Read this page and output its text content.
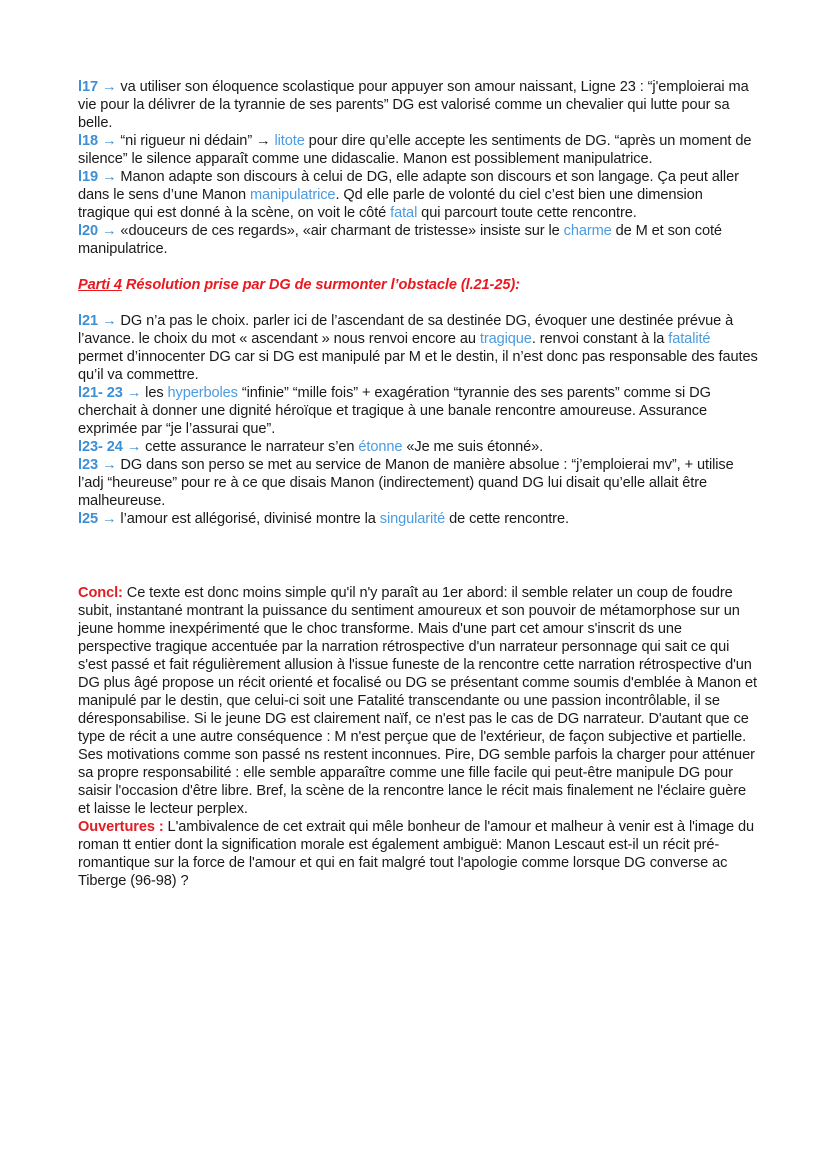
l17 → va utiliser son éloquence scolastique pour appuyer son amour naissant, Ligne 23 : “j'emploierai ma vie pour la délivrer de la tyrannie de ses parents” DG est valorisé comme un chevalier qui lutte pour sa belle.

l18 → “ni rigueur ni dédain” → litote pour dire qu’elle accepte les sentiments de DG. “après un moment de silence” le silence apparaît comme une didascalie. Manon est possiblement manipulatrice.

l19 → Manon adapte son discours à celui de DG, elle adapte son discours et son langage. Ça peut aller dans le sens d’une Manon manipulatrice. Qd elle parle de volonté du ciel c’est bien une dimension tragique qui est donné à la scène, on voit le côté fatal qui parcourt toute cette rencontre.

l20 → «douceurs de ces regards», «air charmant de tristesse» insiste sur le charme de M et son coté manipulatrice.

Parti 4 Résolution prise par DG de surmonter l’obstacle (l.21-25):

l21 → DG n’a pas le choix. parler ici de l’ascendant de sa destinée DG, évoquer une destinée prévue à l’avance. le choix du mot « ascendant » nous renvoi encore au tragique. renvoi constant à la fatalité permet d’innocenter DG car si DG est manipulé par M et le destin, il n’est donc pas responsable des fautes qu’il va commettre.

l21- 23 → les hyperboles “infinie” “mille fois” + exagération “tyrannie des ses parents” comme si DG cherchait à donner une dignité héroïque et tragique à une banale rencontre amoureuse. Assurance exprimée par “je l’assurai que”.

l23- 24 → cette assurance le narrateur s’en étonne «Je me suis étonné».

l23 → DG dans son perso se met au service de Manon de manière absolue : “j’emploierai mv”, + utilise l’adj “heureuse” pour re à ce que disais Manon (indirectement) quand DG lui disait qu’elle allait être malheureuse.

l25 → l’amour est allégorisé, divinisé montre la singularité de cette rencontre.

Concl: Ce texte est donc moins simple qu'il n'y paraît au 1er abord: il semble relater un coup de foudre subit, instantané montrant la puissance du sentiment amoureux et son pouvoir de métamorphose sur un jeune homme inexpérimenté que le choc transforme. Mais d'une part cet amour s'inscrit ds une perspective tragique accentuée par la narration rétrospective d'un narrateur personnage qui sait ce qui s'est passé et fait régulièrement allusion à l'issue funeste de la rencontre cette narration rétrospective d'un DG plus âgé propose un récit orienté et focalisé ou DG se présentant comme soumis d'emblée à Manon et manipulé par le destin, que celui-ci soit une Fatalité transcendante ou une passion incontrôlable, il se déresponsabilise. Si le jeune DG est clairement naïf, ce n'est pas le cas de DG narrateur. D'autant que ce type de récit a une autre conséquence : M n'est perçue que de l'extérieur, de façon subjective et partielle. Ses motivations comme son passé ns restent inconnues. Pire, DG semble parfois la charger pour atténuer sa propre responsabilité : elle semble apparaître comme une fille facile qui peut-être manipule DG pour saisir l'occasion d'être libre. Bref, la scène de la rencontre lance le récit mais finalement ne l'éclaire guère et laisse le lecteur perplex.

Ouvertures : L'ambivalence de cet extrait qui mêle bonheur de l'amour et malheur à venir est à l'image du roman tt entier dont la signification morale est également ambiguë: Manon Lescaut est-il un récit pré-romantique sur la force de l'amour et qui en fait malgré tout l'apologie comme lorsque DG converse ac Tiberge (96-98) ?
